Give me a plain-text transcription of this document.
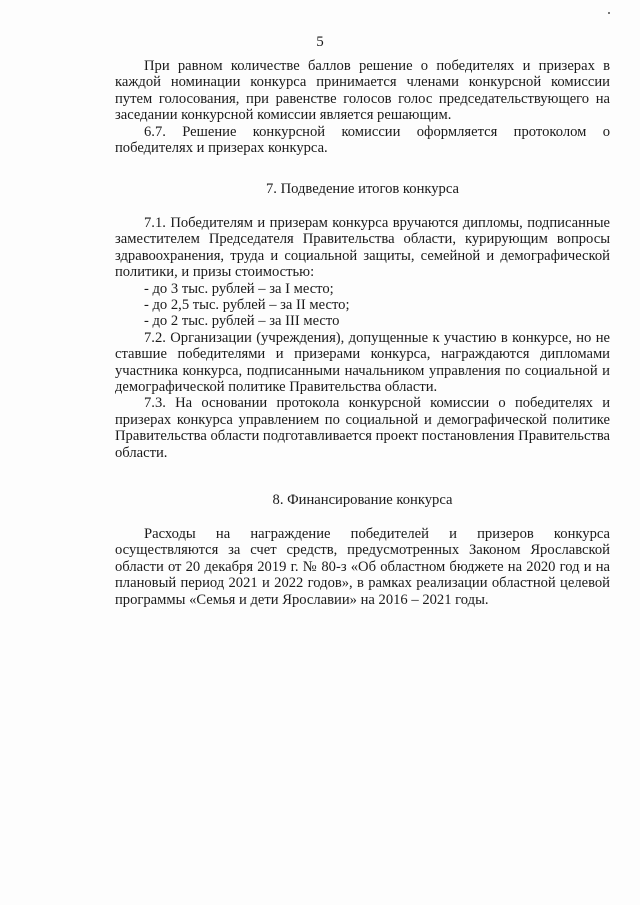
5

При равном количестве баллов решение о победителях и призерах в каждой номинации конкурса принимается членами конкурсной комиссии путем голосования, при равенстве голосов голос председательствующего на заседании конкурсной комиссии является решающим.

6.7. Решение конкурсной комиссии оформляется протоколом о победителях и призерах конкурса.

7. Подведение итогов конкурса

7.1. Победителям и призерам конкурса вручаются дипломы, подписанные заместителем Председателя Правительства области, курирующим вопросы здравоохранения, труда и социальной защиты, семейной и демографической политики, и призы стоимостью:

- до 3 тыс. рублей – за I место;

- до 2,5 тыс. рублей – за II место;

- до 2 тыс. рублей – за III место

7.2. Организации (учреждения), допущенные к участию в конкурсе, но не ставшие победителями и призерами конкурса, награждаются дипломами участника конкурса, подписанными начальником управления по социальной и демографической политике Правительства области.

7.3. На основании протокола конкурсной комиссии о победителях и призерах конкурса управлением по социальной и демографической политике Правительства области подготавливается проект постановления Правительства области.

8. Финансирование конкурса

Расходы на награждение победителей и призеров конкурса осуществляются за счет средств, предусмотренных Законом Ярославской области от 20 декабря 2019 г. № 80-з «Об областном бюджете на 2020 год и на плановый период 2021 и 2022 годов», в рамках реализации областной целевой программы «Семья и дети Ярославии» на 2016 – 2021 годы.
